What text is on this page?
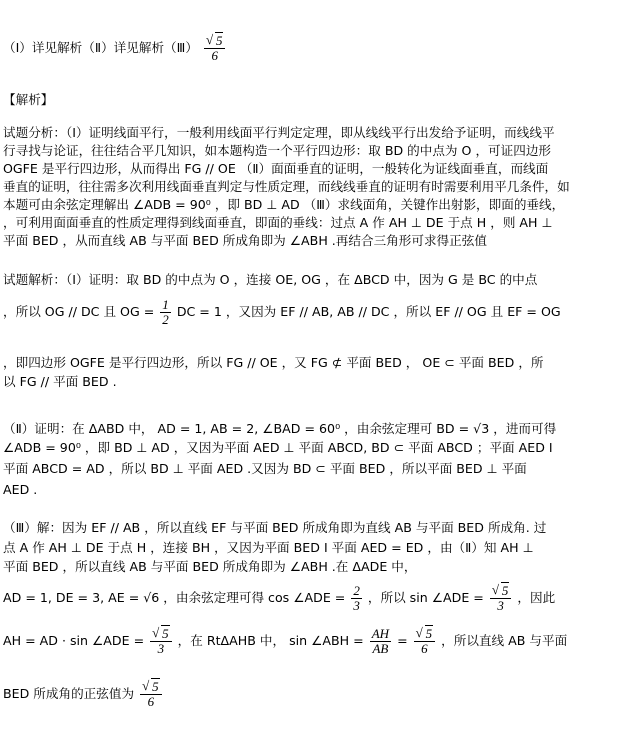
（Ⅰ）详见解析（Ⅱ）详见解析（Ⅲ） √ $\frac{5}{6}$
【解析】
试题分析：（Ⅰ）证明线面平行，一般利用线面平行判定定理，即从线线平行出发给予证明，而线线平
行寻找与论证，往往结合平几知识，如本题构造一个平行四边形：取 BD 的中点为 O ，可证四边形
OGFE 是平行四边形，从而得出 FG // OE （Ⅱ）面面垂直的证明，一般转化为证线面垂直，而线面
垂直的证明，往往需多次利用线面垂直判定与性质定理，而线线垂直的证明有时需要利用平几条件，如
本题可由余弦定理解出 ∠ADB = 90⁰ ，即 BD ⊥ AD （Ⅲ）求线面角，关键作出射影，即面的垂线，
，可利用面面垂直的性质定理得到线面垂直，即面的垂线：过点 A 作 AH ⊥ DE 于点 H ，则 AH ⊥
平面 BED ，从而直线 AB 与平面 BED 所成角即为 ∠ABH .再结合三角形可求得正弦值
试题解析：（Ⅰ）证明：取 BD 的中点为 O ，连接 OE, OG ，在 ΔBCD 中，因为 G 是 BC 的中点
，所以 OG // DC 且 OG = $\frac{1}{2}$ DC = 1 ，又因为 EF // AB, AB // DC ，所以 EF // OG 且 EF = OG
，即四边形 OGFE 是平行四边形，所以 FG // OE ，又 FG ⊄ 平面 BED ， OE ⊂ 平面 BED ，所
以 FG // 平面 BED .
（Ⅱ）证明：在 ΔABD 中， AD = 1, AB = 2, ∠BAD = 60⁰ ，由余弦定理可 BD = √3 ，进而可得
∠ADB = 90⁰ ，即 BD ⊥ AD ，又因为平面 AED ⊥ 平面 ABCD, BD ⊂ 平面 ABCD ；平面 AED I
平面 ABCD = AD ，所以 BD ⊥ 平面 AED .又因为 BD ⊂ 平面 BED ，所以平面 BED ⊥ 平面
AED .
（Ⅲ）解：因为 EF // AB ，所以直线 EF 与平面 BED 所成角即为直线 AB 与平面 BED 所成角. 过
点 A 作 AH ⊥ DE 于点 H ，连接 BH ，又因为平面 BED I 平面 AED = ED ，由（Ⅱ）知 AH ⊥
平面 BED ，所以直线 AB 与平面 BED 所成角即为 ∠ABH .在 ΔADE 中，
AD = 1, DE = 3, AE = √6 ，由余弦定理可得 cos ∠ADE = $\frac{2}{3}$ ，所以 sin ∠ADE = √ $\frac{5}{3}$ ，因此
AH = AD · sin ∠ADE = √ $\frac{5}{3}$ ，在 RtΔAHB 中， sin ∠ABH = $\frac{AH}{AB}$ = √ $\frac{5}{6}$ ，所以直线 AB 与平面
BED 所成角的正弦值为 √ $\frac{5}{6}$
